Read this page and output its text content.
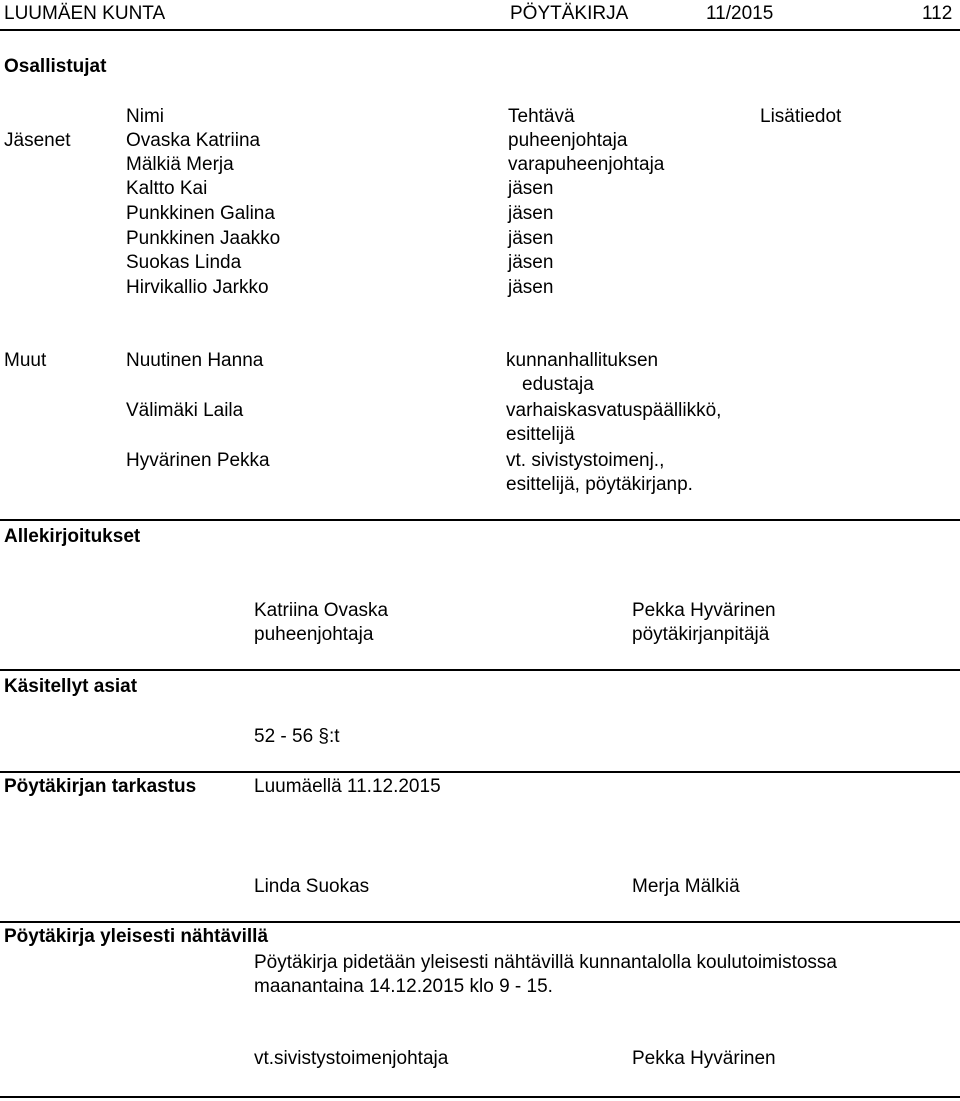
LUUMÄEN KUNTA	PÖYTÄKIRJA	11/2015	112
Osallistujat
Nimi	Tehtävä	Lisätiedot
Jäsenet	Ovaska Katriina	puheenjohtaja
Mälkiä Merja	varapuheenjohtaja
Kaltto Kai	jäsen
Punkkinen Galina	jäsen
Punkkinen Jaakko	jäsen
Suokas Linda	jäsen
Hirvikallio Jarkko	jäsen
Muut	Nuutinen Hanna	kunnanhallituksen
edustaja
Välimäki Laila	varhaiskasvatuspäällikkö,
esittelijä
Hyvärinen Pekka	vt. sivistystoimenj.,
esittelijä, pöytäkirjanp.
Allekirjoitukset
Katriina Ovaska
puheenjohtaja
Pekka Hyvärinen
pöytäkirjanpitäjä
Käsitellyt asiat
52 - 56 §:t
Pöytäkirjan tarkastus	Luumäellä 11.12.2015
Linda Suokas	Merja Mälkiä
Pöytäkirja yleisesti nähtävillä
Pöytäkirja pidetään yleisesti nähtävillä kunnantalolla koulutoimistossa
maanantaina 14.12.2015 klo 9 - 15.
vt.sivistystoimenjohtaja	Pekka Hyvärinen
